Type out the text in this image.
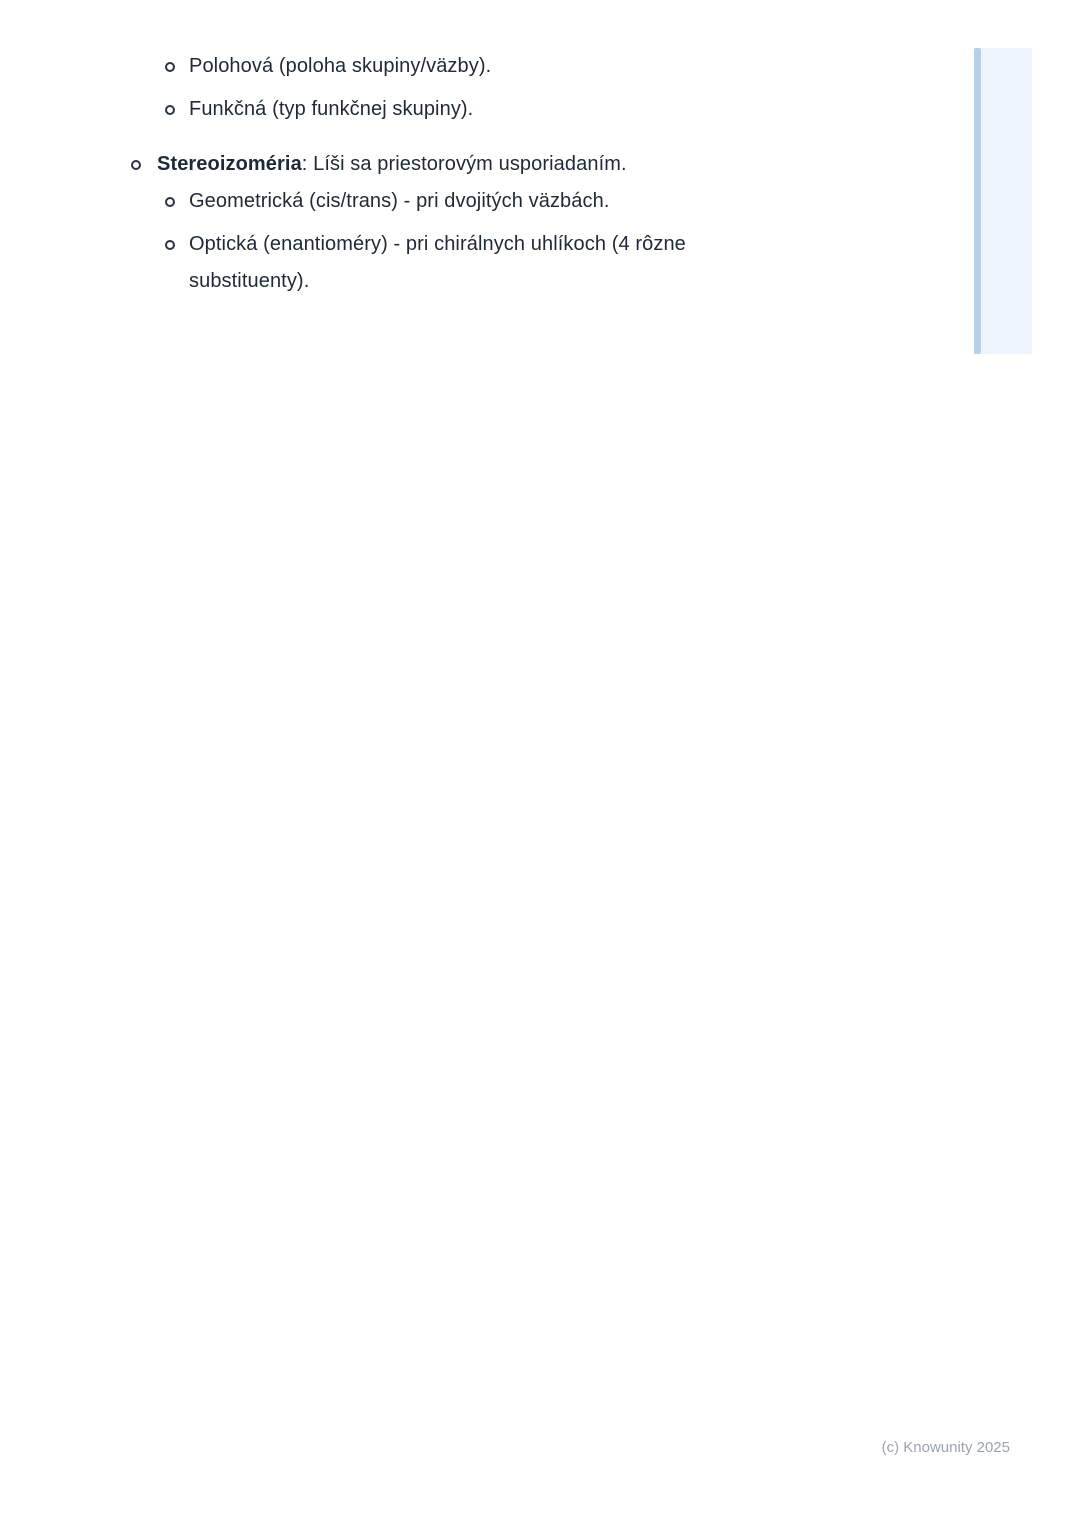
Polohová (poloha skupiny/väzby).
Funkčná (typ funkčnej skupiny).
Stereoizoméria: Líši sa priestorovým usporiadaním.
Geometrická (cis/trans) - pri dvojitých väzbách.
Optická (enantioméry) - pri chirálnych uhlíkoch (4 rôzne substituenty).
(c) Knowunity 2025
